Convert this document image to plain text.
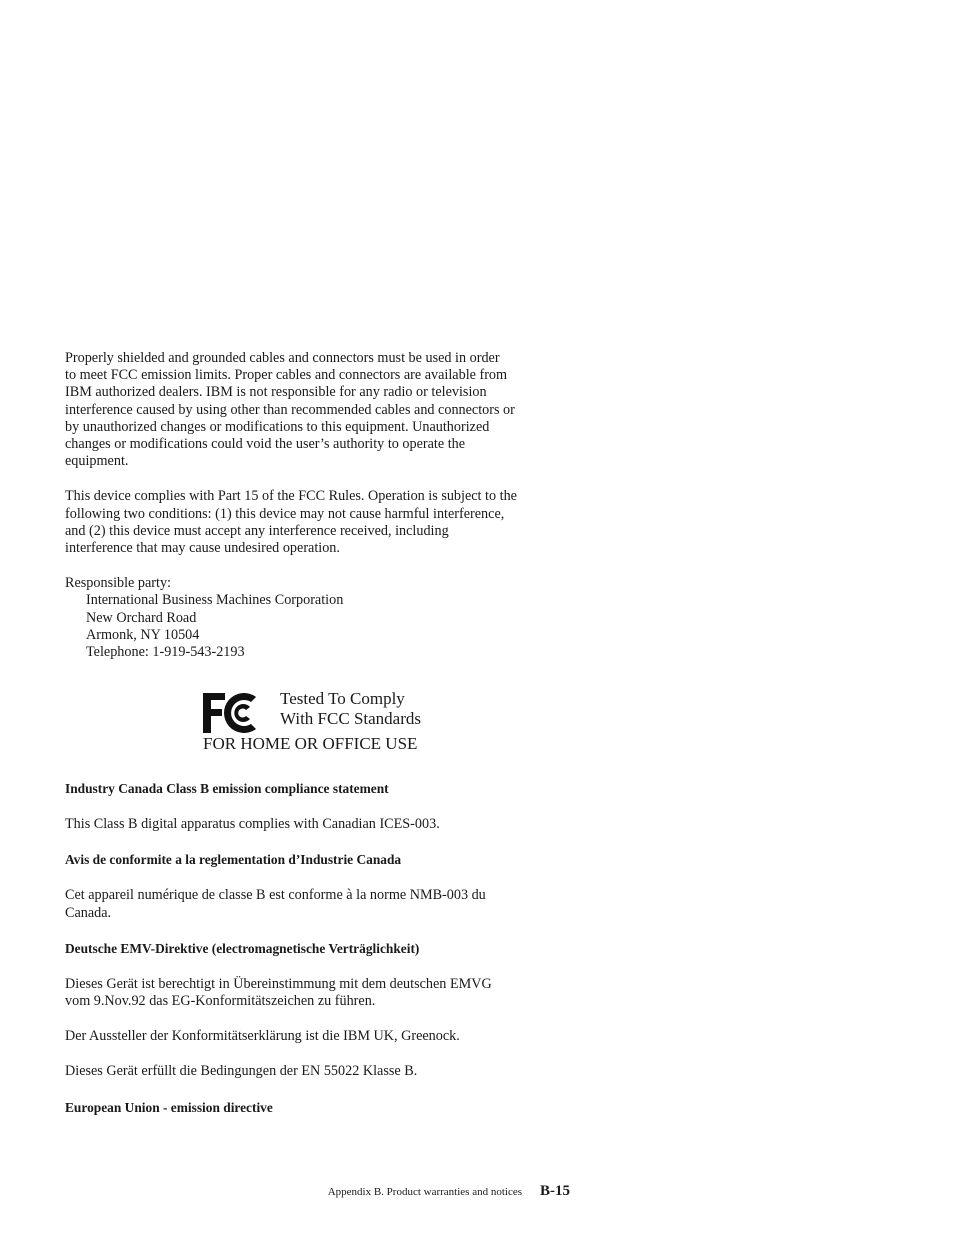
Properly shielded and grounded cables and connectors must be used in order

to meet FCC emission limits. Proper cables and connectors are available from

IBM authorized dealers. IBM is not responsible for any radio or television

interference caused by using other than recommended cables and connectors or

by unauthorized changes or modifications to this equipment. Unauthorized

changes or modifications could void the user’s authority to operate the

equipment.

This device complies with Part 15 of the FCC Rules. Operation is subject to the

following two conditions: (1) this device may not cause harmful interference,

and (2) this device must accept any interference received, including

interference that may cause undesired operation.

Responsible party:

International Business Machines Corporation

New Orchard Road

Armonk, NY 10504

Telephone: 1-919-543-2193

Tested To Comply
With FCC Standards
FOR HOME OR OFFICE USE
Industry Canada Class B emission compliance statement

This Class B digital apparatus complies with Canadian ICES-003.

Avis de conformite a la reglementation d’Industrie Canada

Cet appareil numérique de classe B est conforme à la norme NMB-003 du

Canada.

Deutsche EMV-Direktive (electromagnetische Verträglichkeit)

Dieses Gerät ist berechtigt in Übereinstimmung mit dem deutschen EMVG

vom 9.Nov.92 das EG-Konformitätszeichen zu führen.

Der Aussteller der Konformitätserklärung ist die IBM UK, Greenock.

Dieses Gerät erfüllt die Bedingungen der EN 55022 Klasse B.

European Union - emission directive
Appendix B. Product warranties and notices B-15
